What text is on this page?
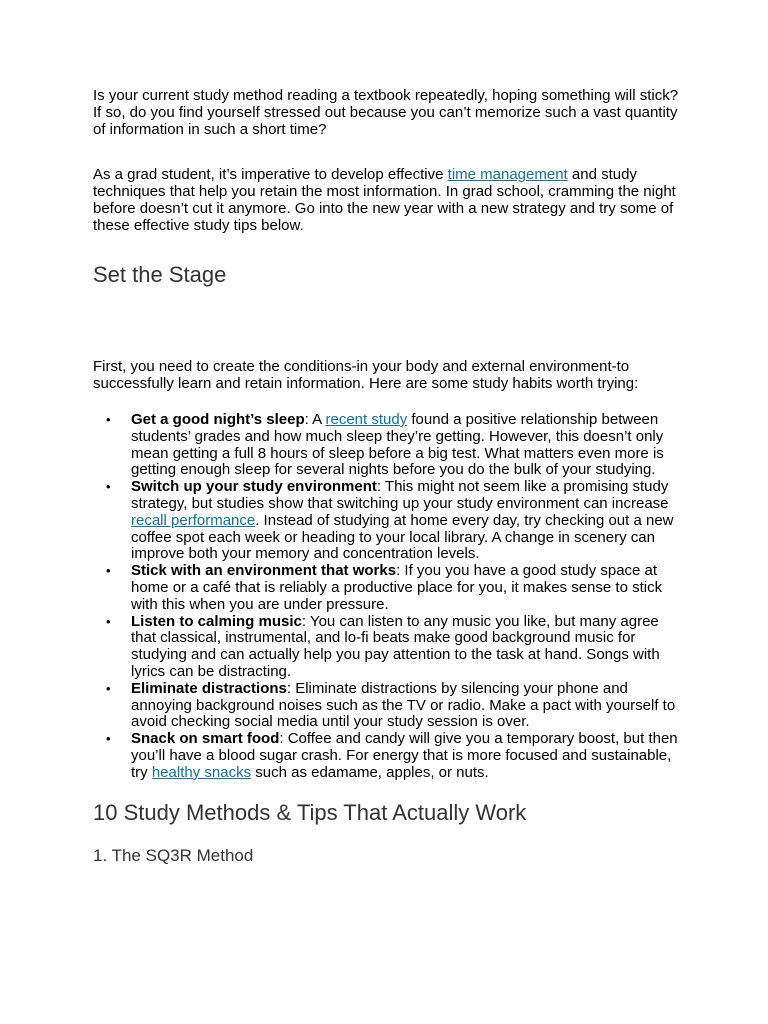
Is your current study method reading a textbook repeatedly, hoping something will stick? If so, do you find yourself stressed out because you can’t memorize such a vast quantity of information in such a short time?

As a grad student, it’s imperative to develop effective time management and study techniques that help you retain the most information. In grad school, cramming the night before doesn’t cut it anymore. Go into the new year with a new strategy and try some of these effective study tips below.

Set the Stage

First, you need to create the conditions-in your body and external environment-to successfully learn and retain information. Here are some study habits worth trying:

• Get a good night’s sleep: A recent study found a positive relationship between students’ grades and how much sleep they’re getting. However, this doesn’t only mean getting a full 8 hours of sleep before a big test. What matters even more is getting enough sleep for several nights before you do the bulk of your studying.
• Switch up your study environment: This might not seem like a promising study strategy, but studies show that switching up your study environment can increase recall performance. Instead of studying at home every day, try checking out a new coffee spot each week or heading to your local library. A change in scenery can improve both your memory and concentration levels.
• Stick with an environment that works: If you you have a good study space at home or a café that is reliably a productive place for you, it makes sense to stick with this when you are under pressure.
• Listen to calming music: You can listen to any music you like, but many agree that classical, instrumental, and lo-fi beats make good background music for studying and can actually help you pay attention to the task at hand. Songs with lyrics can be distracting.
• Eliminate distractions: Eliminate distractions by silencing your phone and annoying background noises such as the TV or radio. Make a pact with yourself to avoid checking social media until your study session is over.
• Snack on smart food: Coffee and candy will give you a temporary boost, but then you’ll have a blood sugar crash. For energy that is more focused and sustainable, try healthy snacks such as edamame, apples, or nuts.
10 Study Methods & Tips That Actually Work
1. The SQ3R Method
